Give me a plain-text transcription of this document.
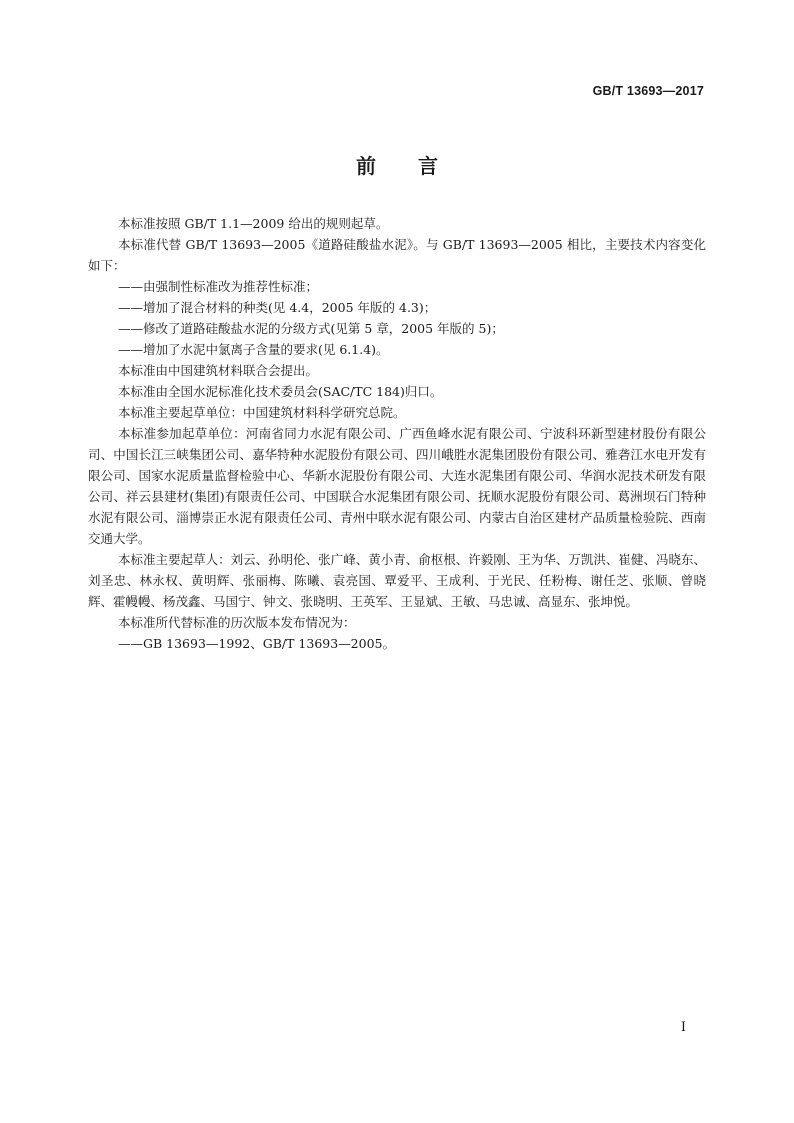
GB/T 13693—2017
前 言

本标准按照 GB/T 1.1—2009 给出的规则起草。

本标准代替 GB/T 13693—2005《道路硅酸盐水泥》。与 GB/T 13693—2005 相比，主要技术内容变化如下：

——由强制性标准改为推荐性标准；

——增加了混合材料的种类(见 4.4，2005 年版的 4.3)；

——修改了道路硅酸盐水泥的分级方式(见第 5 章，2005 年版的 5)；

——增加了水泥中氯离子含量的要求(见 6.1.4)。

本标准由中国建筑材料联合会提出。

本标准由全国水泥标准化技术委员会(SAC/TC 184)归口。

本标准主要起草单位：中国建筑材料科学研究总院。

本标准参加起草单位：河南省同力水泥有限公司、广西鱼峰水泥有限公司、宁波科环新型建材股份有限公司、中国长江三峡集团公司、嘉华特种水泥股份有限公司、四川峨胜水泥集团股份有限公司、雅砻江水电开发有限公司、国家水泥质量监督检验中心、华新水泥股份有限公司、大连水泥集团有限公司、华润水泥技术研发有限公司、祥云县建材(集团)有限责任公司、中国联合水泥集团有限公司、抚顺水泥股份有限公司、葛洲坝石门特种水泥有限公司、淄博崇正水泥有限责任公司、青州中联水泥有限公司、内蒙古自治区建材产品质量检验院、西南交通大学。

本标准主要起草人：刘云、孙明伦、张广峰、黄小青、俞枢根、许毅刚、王为华、万凯洪、崔健、冯晓东、刘圣忠、林永权、黄明辉、张丽梅、陈曦、袁亮国、覃爱平、王成利、于光民、任粉梅、谢任芝、张顺、曾晓辉、霍幔幔、杨茂鑫、马国宁、钟文、张晓明、王英军、王显斌、王敏、马忠诚、高显东、张坤悦。

本标准所代替标准的历次版本发布情况为：

——GB 13693—1992、GB/T 13693—2005。

I
